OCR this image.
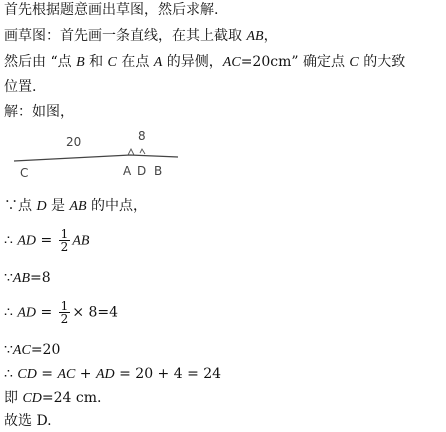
首先根据题意画出草图，然后求解.
画草图：首先画一条直线，在其上截取 AB，
然后由 “点 B 和 C 在点 A 的异侧，AC=20cm” 确定点 C 的大致
位置.
解：如图，
20	8
C	A D B
∵点 D 是 AB 的中点，
∴ AD = $\frac{1}{2}$ AB
∵AB=8
∴ AD = $\frac{1}{2} \times 8=4$
∵AC=20
∴ CD = AC + AD = 20 + 4 = 24
即 CD=24 cm.
故选 D.
